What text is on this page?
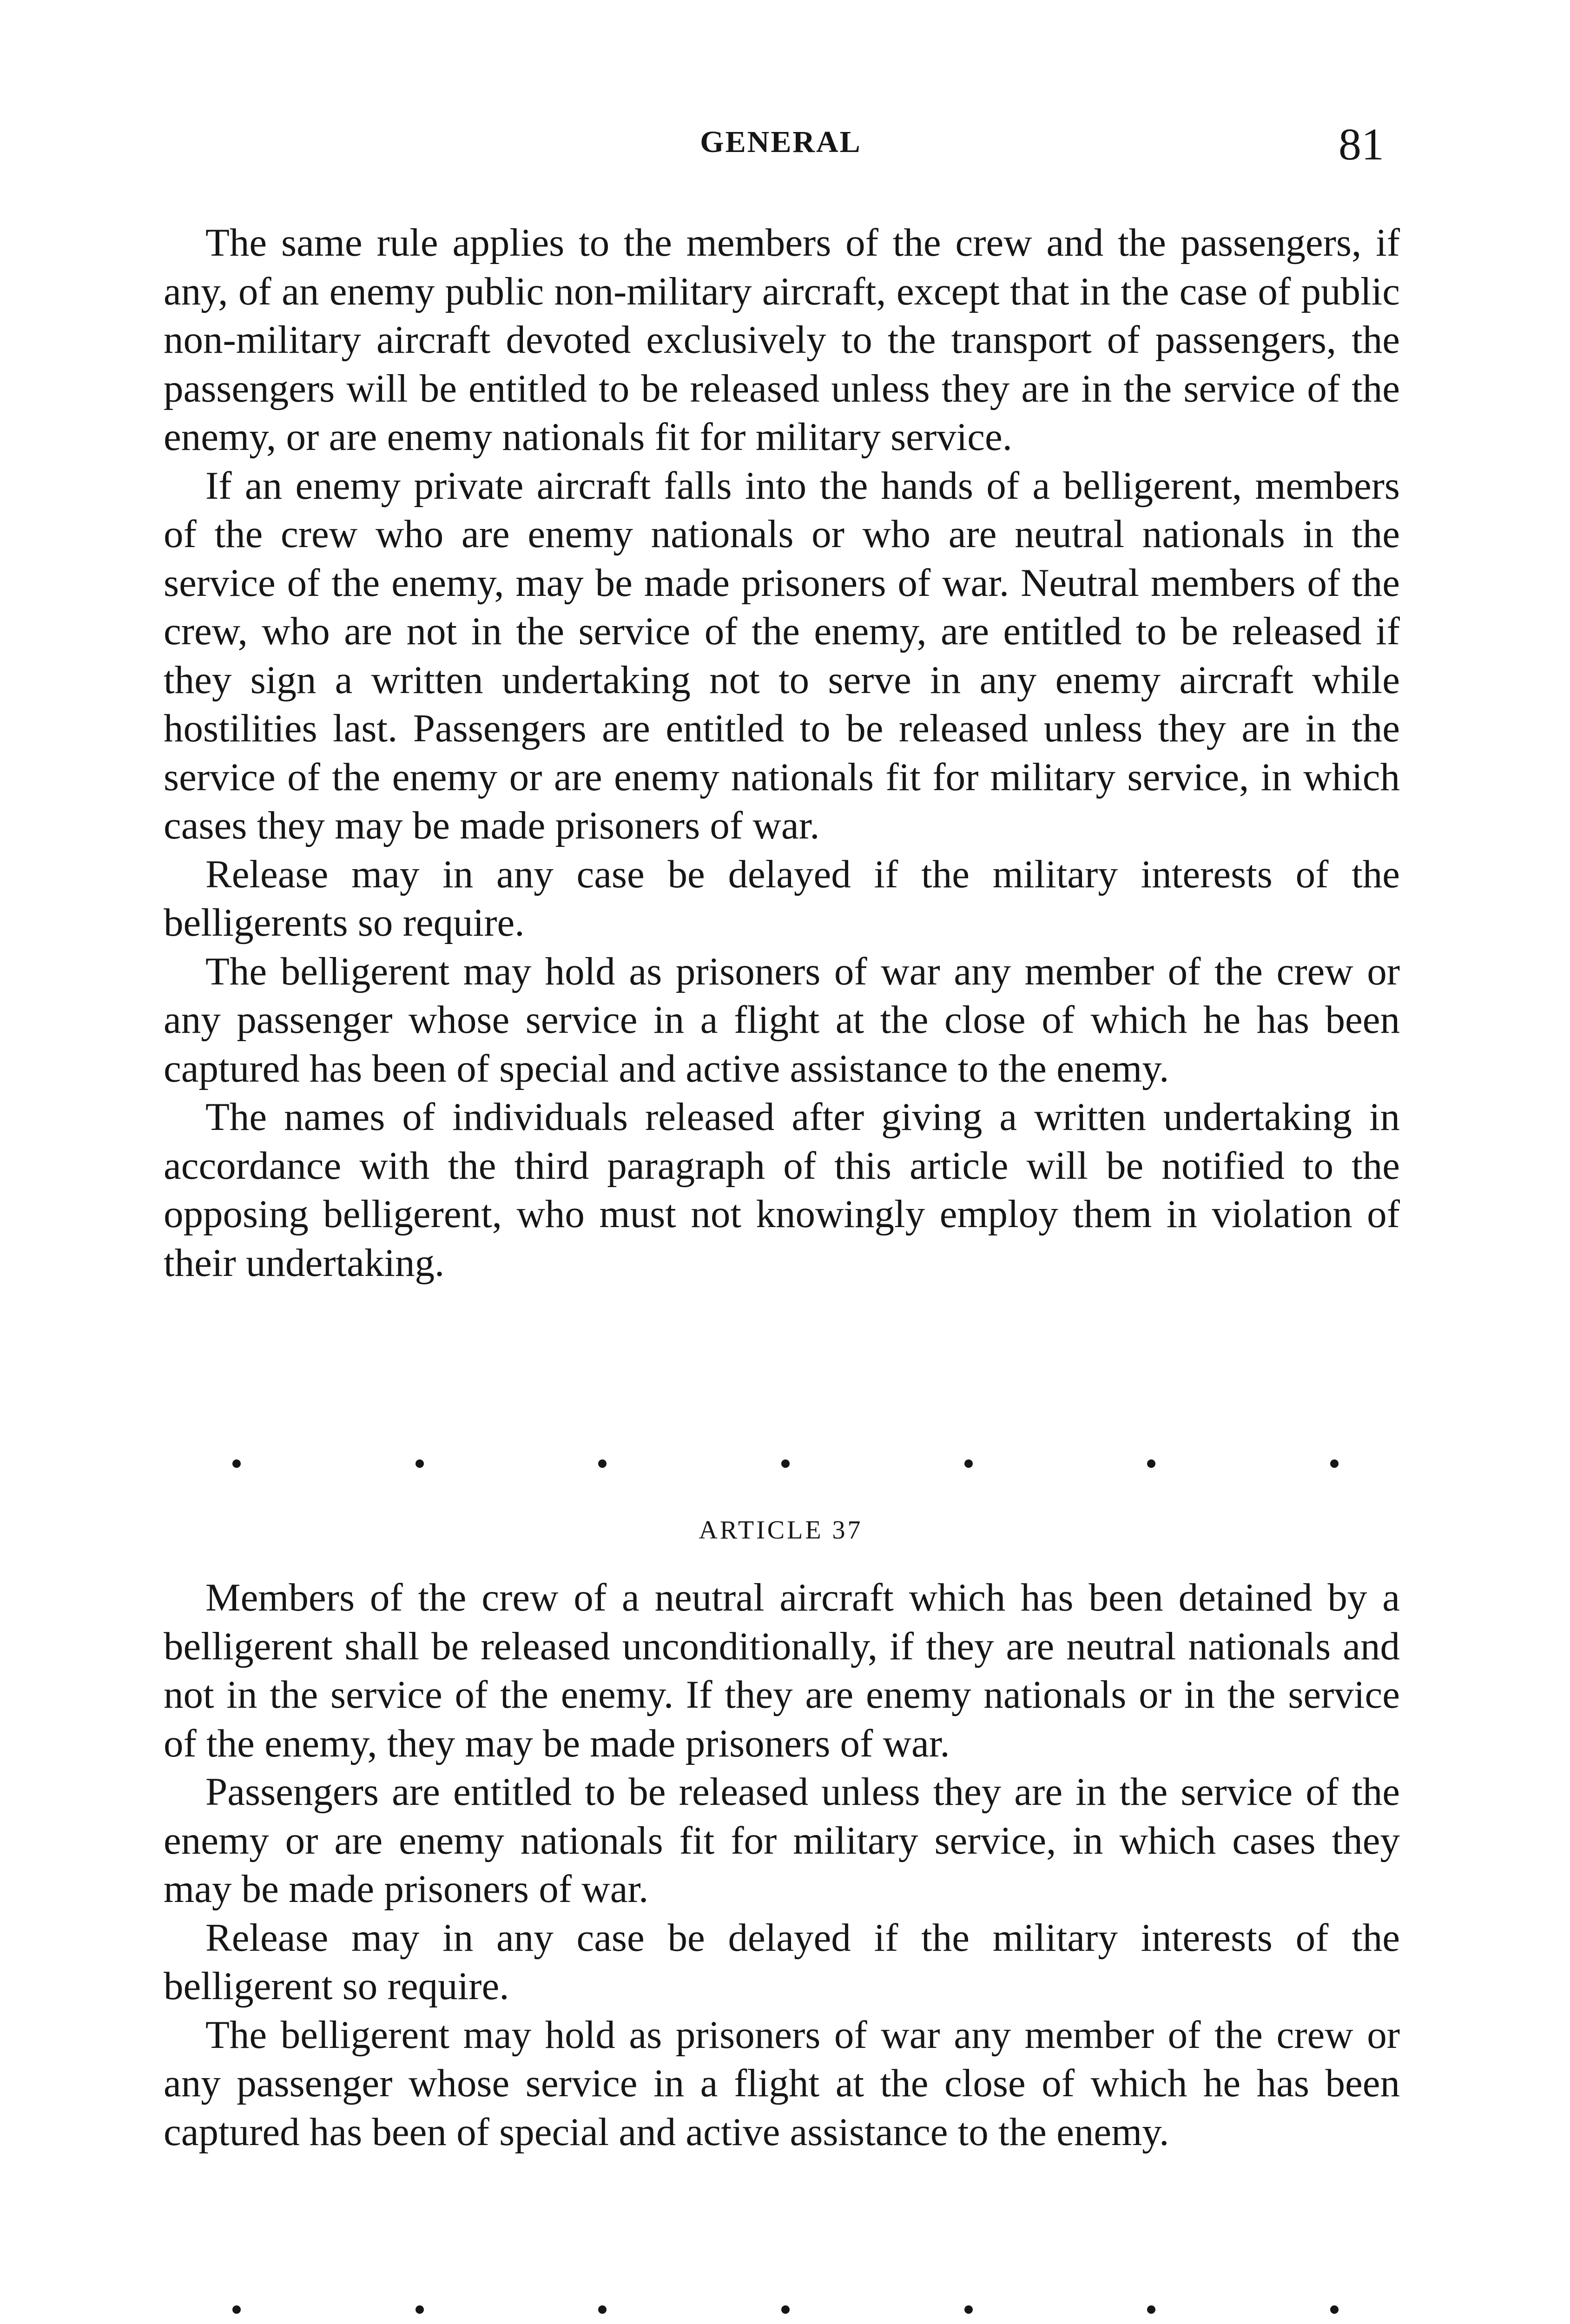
GENERAL	81

The same rule applies to the members of the crew and the passengers, if any, of an enemy public non-military aircraft, except that in the case of public non-military aircraft devoted exclusively to the transport of passengers, the passengers will be entitled to be released unless they are in the service of the enemy, or are enemy nationals fit for military service.

If an enemy private aircraft falls into the hands of a belligerent, members of the crew who are enemy nationals or who are neutral nationals in the service of the enemy, may be made prisoners of war. Neutral members of the crew, who are not in the service of the enemy, are entitled to be released if they sign a written undertaking not to serve in any enemy aircraft while hostilities last. Passengers are entitled to be released unless they are in the service of the enemy or are enemy nationals fit for military service, in which cases they may be made prisoners of war.

Release may in any case be delayed if the military interests of the belligerents so require.

The belligerent may hold as prisoners of war any member of the crew or any passenger whose service in a flight at the close of which he has been captured has been of special and active assistance to the enemy.

The names of individuals released after giving a written undertaking in accordance with the third paragraph of this article will be notified to the opposing belligerent, who must not knowingly employ them in violation of their undertaking.

ARTICLE 37

Members of the crew of a neutral aircraft which has been detained by a belligerent shall be released unconditionally, if they are neutral nationals and not in the service of the enemy. If they are enemy nationals or in the service of the enemy, they may be made prisoners of war.

Passengers are entitled to be released unless they are in the service of the enemy or are enemy nationals fit for military service, in which cases they may be made prisoners of war.

Release may in any case be delayed if the military interests of the belligerent so require.

The belligerent may hold as prisoners of war any member of the crew or any passenger whose service in a flight at the close of which he has been captured has been of special and active assistance to the enemy.
